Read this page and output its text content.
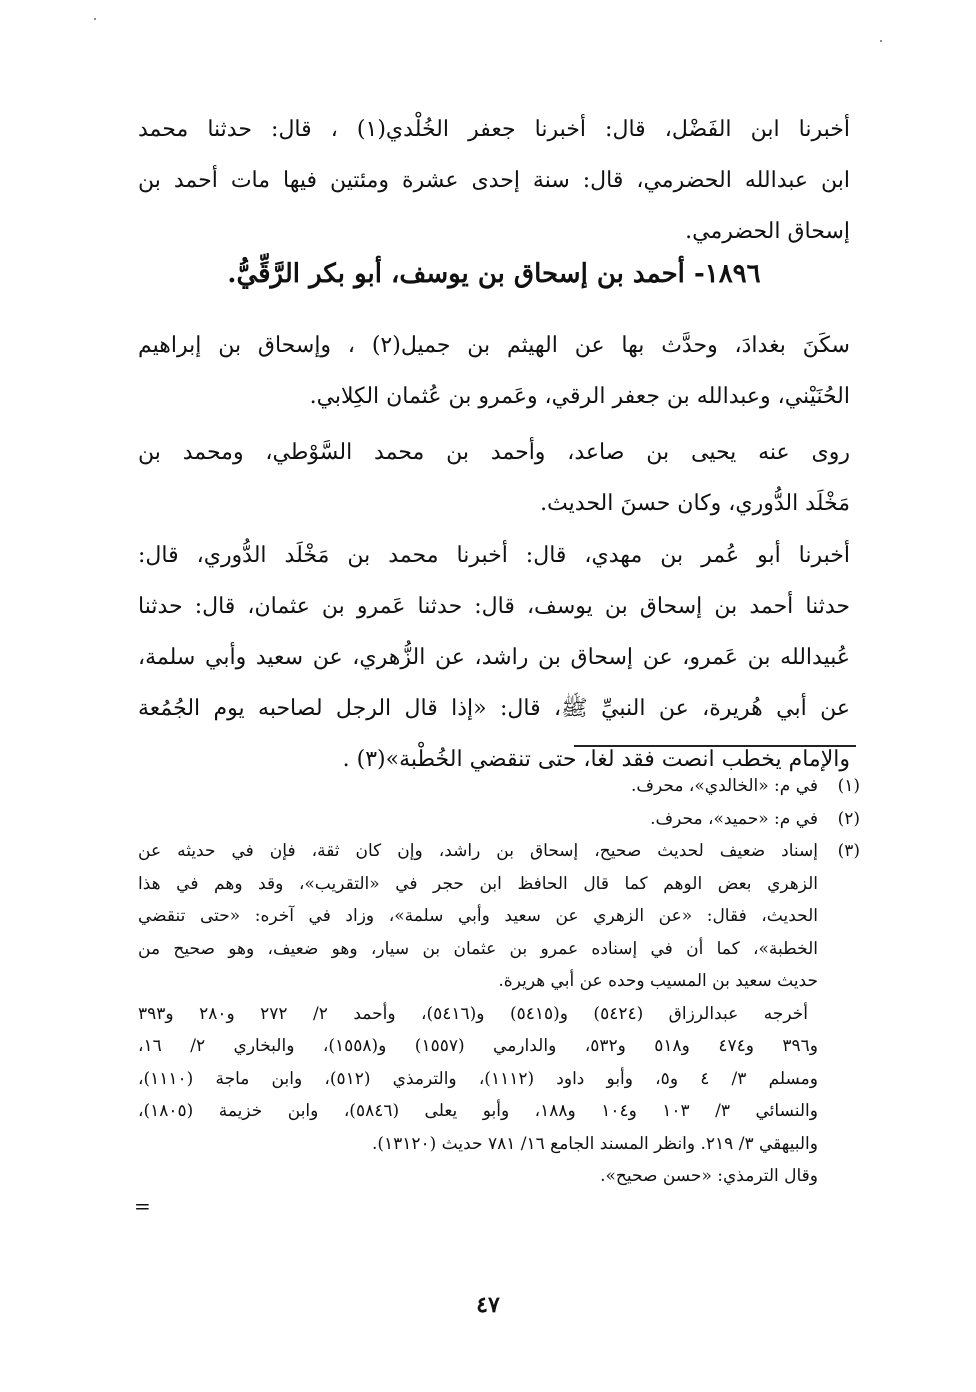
أخبرنا ابن الفَضْل، قال: أخبرنا جعفر الخُلْدي(١) ، قال: حدثنا محمد
ابن عبدالله الحضرمي، قال: سنة إحدى عشرة ومئتين فيها مات أحمد بن
إسحاق الحضرمي.
١٨٩٦- أحمد بن إسحاق بن يوسف، أبو بكر الرَّقِّيُّ.
سكَنَ بغدادَ، وحدَّث بها عن الهيثم بن جميل(٢) ، وإسحاق بن إبراهيم
الحُنَيْني، وعبدالله بن جعفر الرقي، وعَمرو بن عُثمان الكِلابي.
روى عنه يحيى بن صاعد، وأحمد بن محمد السَّوْطي، ومحمد بن
مَخْلَد الدُّوري، وكان حسنَ الحديث.
أخبرنا أبو عُمر بن مهدي، قال: أخبرنا محمد بن مَخْلَد الدُّوري، قال:
حدثنا أحمد بن إسحاق بن يوسف، قال: حدثنا عَمرو بن عثمان، قال: حدثنا
عُبيدالله بن عَمرو، عن إسحاق بن راشد، عن الزُّهري، عن سعيد وأبي سلمة،
عن أبي هُريرة، عن النبيِّ ﷺ، قال: «إذا قال الرجل لصاحبه يوم الجُمُعة
والإمام يخطب انصت فقد لغا، حتى تنقضي الخُطْبة»(٣) .
(١)
في م: «الخالدي»، محرف.
(٢)
في م: «حميد»، محرف.
(٣)
إسناد ضعيف لحديث صحيح، إسحاق بن راشد، وإن كان ثقة، فإن في حديثه عن
الزهري بعض الوهم كما قال الحافظ ابن حجر في «التقريب»، وقد وهم في هذا
الحديث، فقال: «عن الزهري عن سعيد وأبي سلمة»، وزاد في آخره: «حتى تنقضي
الخطبة»، كما أن في إسناده عمرو بن عثمان بن سيار، وهو ضعيف، وهو صحيح من
حديث سعيد بن المسيب وحده عن أبي هريرة.
أخرجه عبدالرزاق (٥٤٢٤) و(٥٤١٥) و(٥٤١٦)، وأحمد ٢/ ٢٧٢ و٢٨٠ و٣٩٣
و٣٩٦ و٤٧٤ و٥١٨ و٥٣٢، والدارمي (١٥٥٧) و(١٥٥٨)، والبخاري ٢/ ١٦،
ومسلم ٣/ ٤ و٥، وأبو داود (١١١٢)، والترمذي (٥١٢)، وابن ماجة (١١١٠)،
والنسائي ٣/ ١٠٣ و١٠٤ و١٨٨، وأبو يعلى (٥٨٤٦)، وابن خزيمة (١٨٠٥)،
والبيهقي ٣/ ٢١٩. وانظر المسند الجامع ١٦/ ٧٨١ حديث (١٣١٢٠).
وقال الترمذي: «حسن صحيح».
=
٤٧
